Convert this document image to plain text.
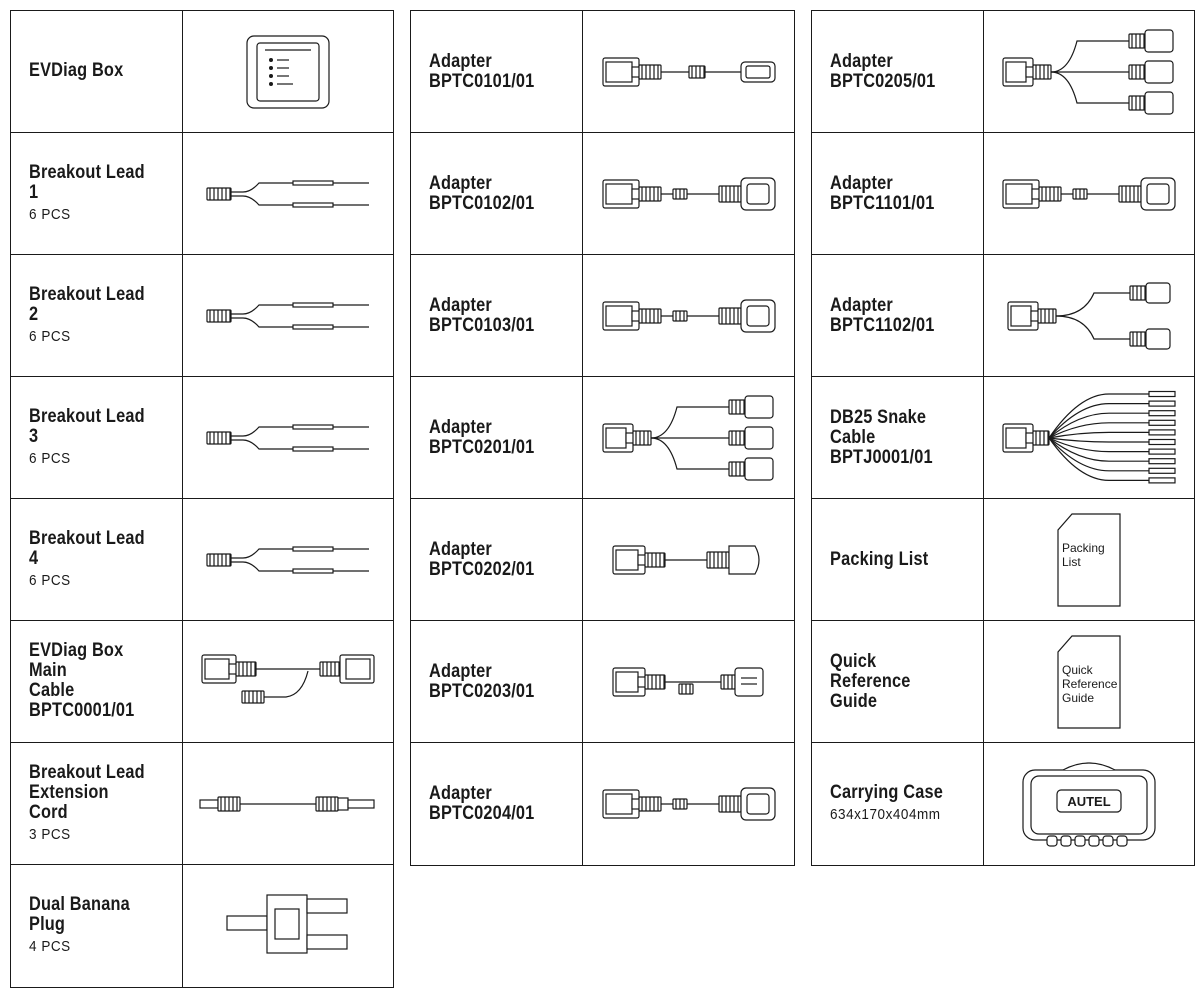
EVDiag Box
Breakout Lead 1
6 PCS
Breakout Lead 2
6 PCS
Breakout Lead 3
6 PCS
Breakout Lead 4
6 PCS
EVDiag Box Main
Cable
BPTC0001/01
Breakout Lead
Extension Cord
3 PCS
Dual Banana Plug
4 PCS
Adapter
BPTC0101/01
Adapter
BPTC0102/01
Adapter
BPTC0103/01
Adapter
BPTC0201/01
Adapter
BPTC0202/01
Adapter
BPTC0203/01
Adapter
BPTC0204/01
Adapter
BPTC0205/01
Adapter
BPTC1101/01
Adapter
BPTC1102/01
DB25 Snake
Cable
BPTJ0001/01
Packing List
Packing
List
Quick Reference
Guide
Quick
Reference
Guide
Carrying Case
634x170x404mm
AUTEL
